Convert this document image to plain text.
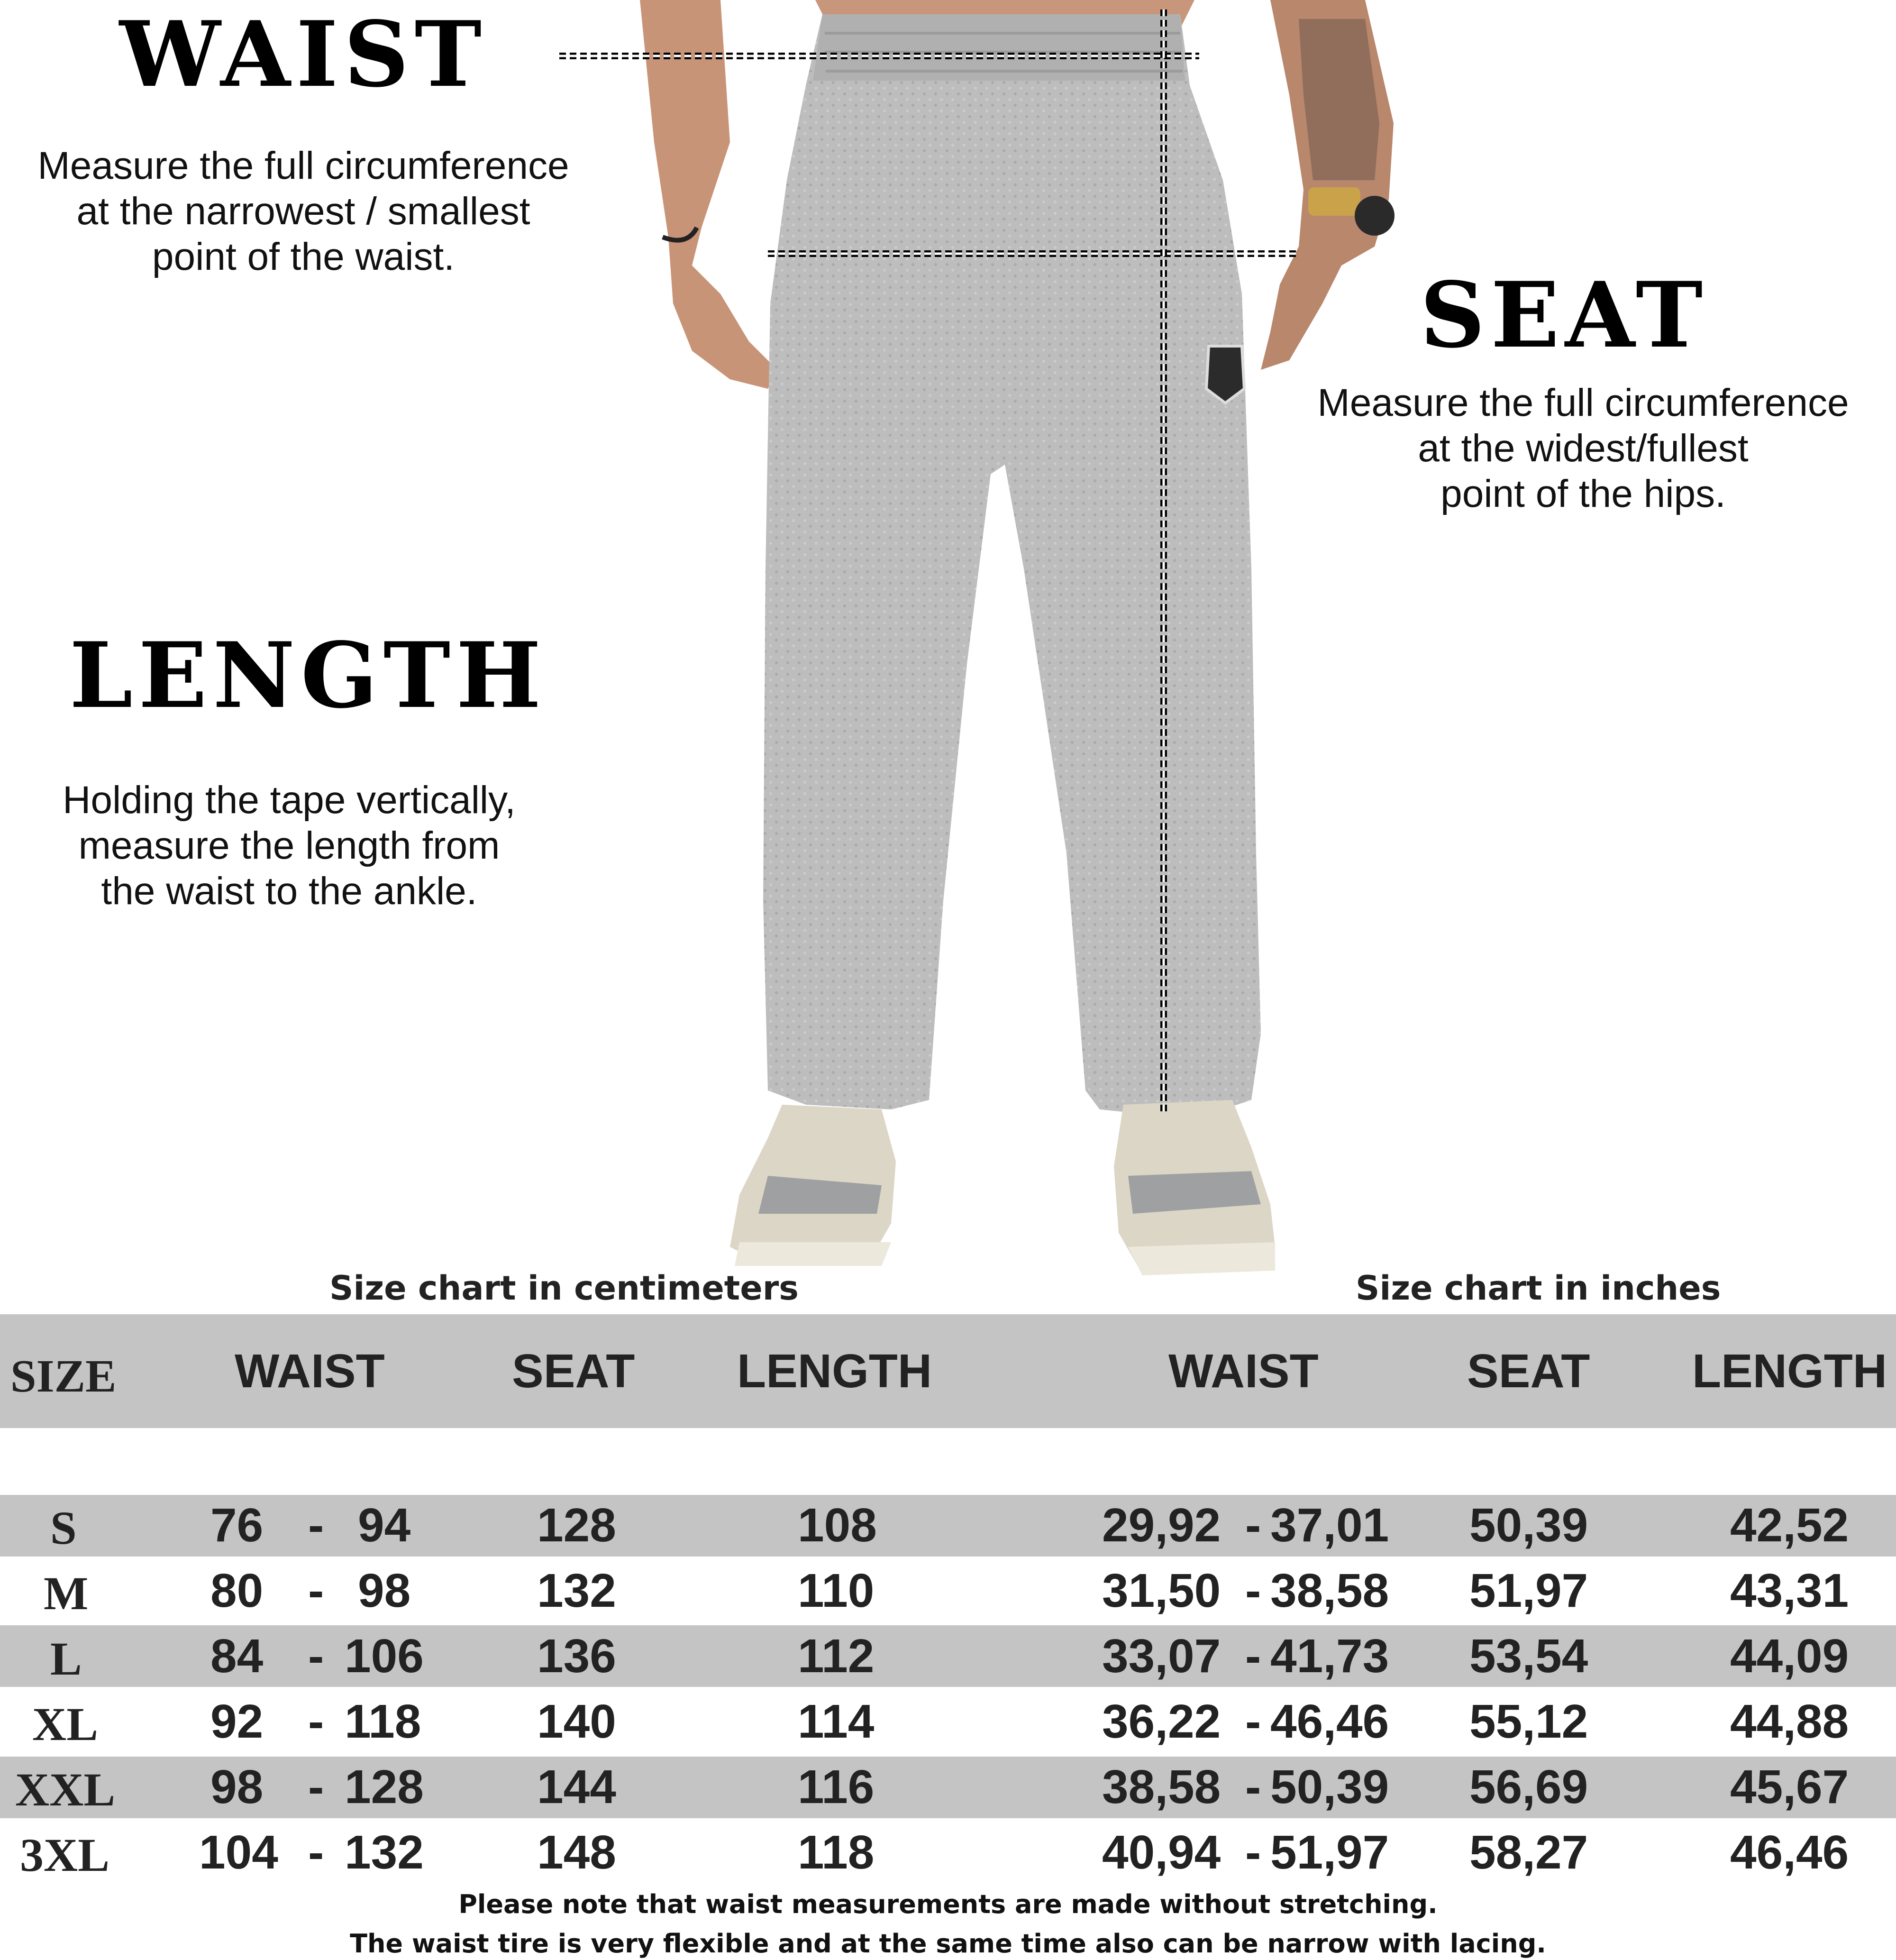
WAIST
Measure the full circumference
at the narrowest / smallest
point of the waist.
SEAT
Measure the full circumference
at the widest/fullest
point of the hips.
LENGTH
Holding the tape vertically,
measure the length from
the waist to the ankle.
Size chart in centimeters	Size chart in inches
SIZE WAIST	SEAT LENGTH	WAIST	SEAT LENGTH
S	76 - 94	128	108	29,92 - 37,01 50,39	42,52
M	80 - 98	132	110	31,50 - 38,58 51,97	43,31
L	84 - 106 136	112	33,07 - 41,73 53,54	44,09
XL 92 - 118 140	114	36,22 - 46,46 55,12	44,88
XXL 98 - 128 144	116	38,58 - 50,39 56,69	45,67
3XL 104 - 132 148	118	40,94 - 51,97 58,27	46,46
Please note that waist measurements are made without stretching.
The waist tire is very flexible and at the same time also can be narrow with lacing.
